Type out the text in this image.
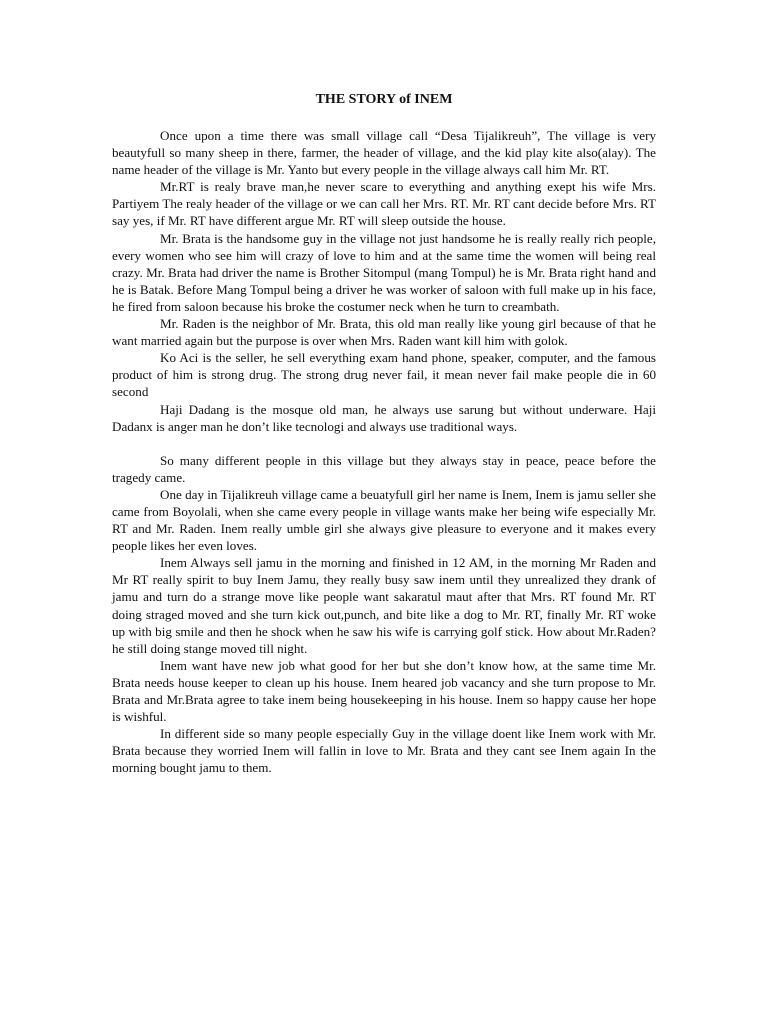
THE STORY of INEM

Once upon a time there was small village call “Desa Tijalikreuh”, The village is very beautyfull so many sheep in there, farmer, the header of village, and the kid play kite also(alay). The name header of the village is Mr. Yanto but every people in the village always call him Mr. RT.

Mr.RT is realy brave man,he never scare to everything and anything exept his wife Mrs. Partiyem The realy header of the village or we can call her Mrs. RT. Mr. RT cant decide before Mrs. RT say yes, if Mr. RT have different argue Mr. RT will sleep outside the house.

Mr. Brata is the handsome guy in the village not just handsome he is really really rich people, every women who see him will crazy of love to him and at the same time the women will being real crazy. Mr. Brata had driver the name is Brother Sitompul (mang Tompul) he is Mr. Brata right hand and he is Batak. Before Mang Tompul being a driver he was worker of saloon with full make up in his face, he fired from saloon because his broke the costumer neck when he turn to creambath.

Mr. Raden is the neighbor of Mr. Brata, this old man really like young girl because of that he want married again but the purpose is over when Mrs. Raden want kill him with golok.

Ko Aci is the seller, he sell everything exam hand phone, speaker, computer, and the famous product of him is strong drug. The strong drug never fail, it mean never fail make people die in 60 second

Haji Dadang is the mosque old man, he always use sarung but without underware. Haji Dadanx is anger man he don’t like tecnologi and always use traditional ways.

So many different people in this village but they always stay in peace, peace before the tragedy came.

One day in Tijalikreuh village came a beuatyfull girl her name is Inem, Inem is jamu seller she came from Boyolali, when she came every people in village wants make her being wife especially Mr. RT and Mr. Raden. Inem really umble girl she always give pleasure to everyone and it makes every people likes her even loves.

Inem Always sell jamu in the morning and finished in 12 AM, in the morning Mr Raden and Mr RT really spirit to buy Inem Jamu, they really busy saw inem until they unrealized they drank of jamu and turn do a strange move like people want sakaratul maut after that Mrs. RT found Mr. RT doing straged moved and she turn kick out,punch, and bite like a dog to Mr. RT, finally Mr. RT woke up with big smile and then he shock when he saw his wife is carrying golf stick. How about Mr.Raden? he still doing stange moved till night.

Inem want have new job what good for her but she don’t know how, at the same time Mr. Brata needs house keeper to clean up his house. Inem heared job vacancy and she turn propose to Mr. Brata and Mr.Brata agree to take inem being housekeeping in his house. Inem so happy cause her hope is wishful.

In different side so many people especially Guy in the village doent like Inem work with Mr. Brata because they worried Inem will fallin in love to Mr. Brata and they cant see Inem again In the morning bought jamu to them.
